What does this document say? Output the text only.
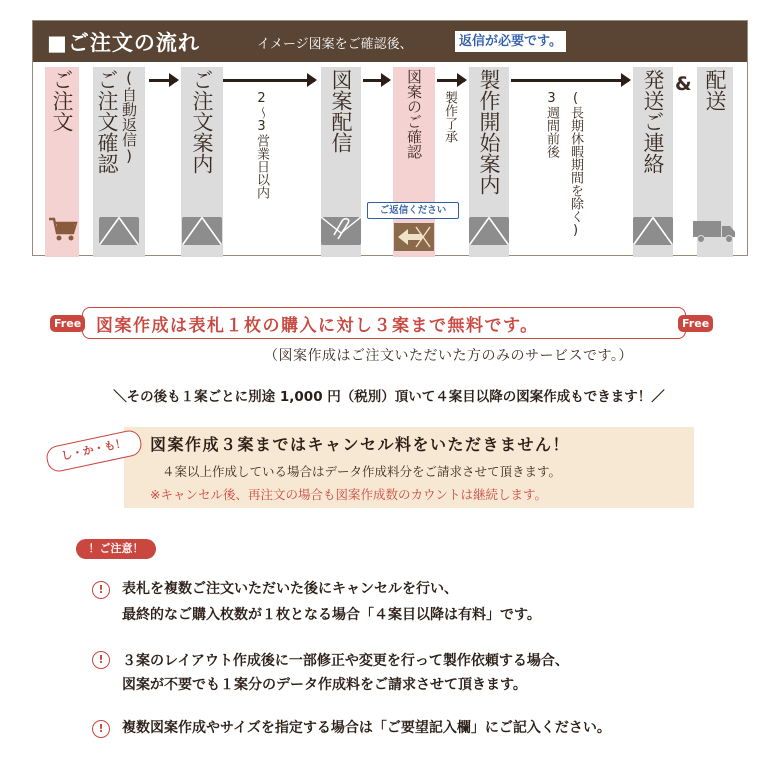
■ご注文の流れ	イメージ図案をご確認後、	返信が必要です。
ご注文	(自動返信)
ご注文確認	ご注文案内	2〜3営業日以内	図案配信	図案のご確認
ご返信ください
製作了承 製作開始案内	(長期休暇期間を除く)
3週間前後	発送ご連絡 & 配送
Free 図案作成は表札１枚の購入に対し３案まで無料です。	Free
（図案作成はご注文いただいた方のみのサービスです。）
＼その後も１案ごとに別途 1,000 円（税別）頂いて４案目以降の図案作成もできます！／
し・か・も！	図案作成３案まではキャンセル料をいただきません！
４案以上作成している場合はデータ作成料分をご請求させて頂きます。
※キャンセル後、再注文の場合も図案作成数のカウントは継続します。
！ご注意！
!	表札を複数ご注文いただいた後にキャンセルを行い、
最終的なご購入枚数が１枚となる場合「４案目以降は有料」です。
!	３案のレイアウト作成後に一部修正や変更を行って製作依頼する場合、
図案が不要でも１案分のデータ作成料をご請求させて頂きます。
!	複数図案作成やサイズを指定する場合は「ご要望記入欄」にご記入ください。
